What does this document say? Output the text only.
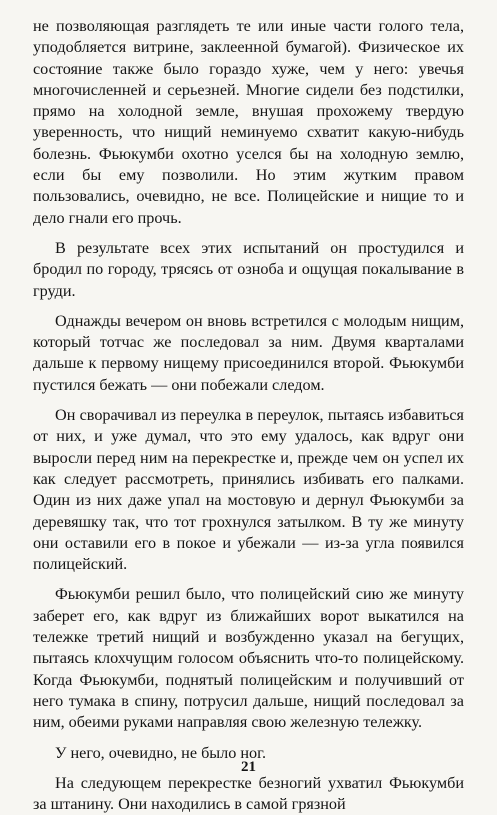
не позволяющая разглядеть те или иные части голого тела, уподобляется витрине, заклеенной бумагой). Физическое их состояние также было гораздо хуже, чем у него: увечья многочисленней и серьезней. Многие сидели без подстилки, прямо на холодной земле, внушая прохожему твердую уверенность, что нищий неминуемо схватит какую-нибудь болезнь. Фьюкумби охотно уселся бы на холодную землю, если бы ему позволили. Но этим жутким правом пользовались, очевидно, не все. Полицейские и нищие то и дело гнали его прочь.

В результате всех этих испытаний он простудился и бродил по городу, трясясь от озноба и ощущая покалывание в груди.

Однажды вечером он вновь встретился с молодым нищим, который тотчас же последовал за ним. Двумя кварталами дальше к первому нищему присоединился второй. Фьюкумби пустился бежать — они побежали следом.

Он сворачивал из переулка в переулок, пытаясь избавиться от них, и уже думал, что это ему удалось, как вдруг они выросли перед ним на перекрестке и, прежде чем он успел их как следует рассмотреть, принялись избивать его палками. Один из них даже упал на мостовую и дернул Фьюкумби за деревяшку так, что тот грохнулся затылком. В ту же минуту они оставили его в покое и убежали — из-за угла появился полицейский.

Фьюкумби решил было, что полицейский сию же минуту заберет его, как вдруг из ближайших ворот выкатился на тележке третий нищий и возбужденно указал на бегущих, пытаясь клохчущим голосом объяснить что-то полицейскому. Когда Фьюкумби, поднятый полицейским и получивший от него тумака в спину, потрусил дальше, нищий последовал за ним, обеими руками направляя свою железную тележку.

У него, очевидно, не было ног.

На следующем перекрестке безногий ухватил Фьюкумби за штанину. Они находились в самой грязной

21
